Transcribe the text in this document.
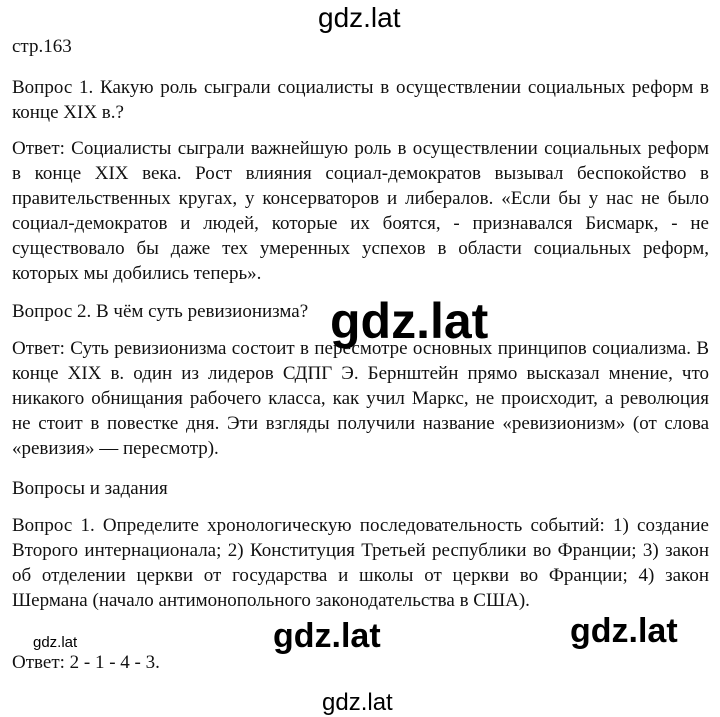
gdz.lat

стр.163

Вопрос 1. Какую роль сыграли социалисты в осуществлении социальных реформ в конце XIX в.?

Ответ: Социалисты сыграли важнейшую роль в осуществлении социальных реформ в конце XIX века. Рост влияния социал-демократов вызывал беспокойство в правительственных кругах, у консерваторов и либералов. «Если бы у нас не было социал-демократов и людей, которые их боятся, - признавался Бисмарк, - не существовало бы даже тех умеренных успехов в области социальных реформ, которых мы добились теперь».

Вопрос 2. В чём суть ревизионизма?

Ответ: Суть ревизионизма состоит в пересмотре основных принципов социализма. В конце XIX в. один из лидеров СДПГ Э. Бернштейн прямо высказал мнение, что никакого обнищания рабочего класса, как учил Маркс, не происходит, а революция не стоит в повестке дня. Эти взгляды получили название «ревизионизм» (от слова «ревизия» — пересмотр).

Вопросы и задания

Вопрос 1. Определите хронологическую последовательность событий: 1) создание Второго интернационала; 2) Конституция Третьей республики во Франции; 3) закон об отделении церкви от государства и школы от церкви во Франции; 4) закон Шермана (начало антимонопольного законодательства в США).

Ответ: 2 - 1 - 4 - 3.

gdz.lat
gdz.lat	gdz.lat	gdz.lat
gdz.lat
